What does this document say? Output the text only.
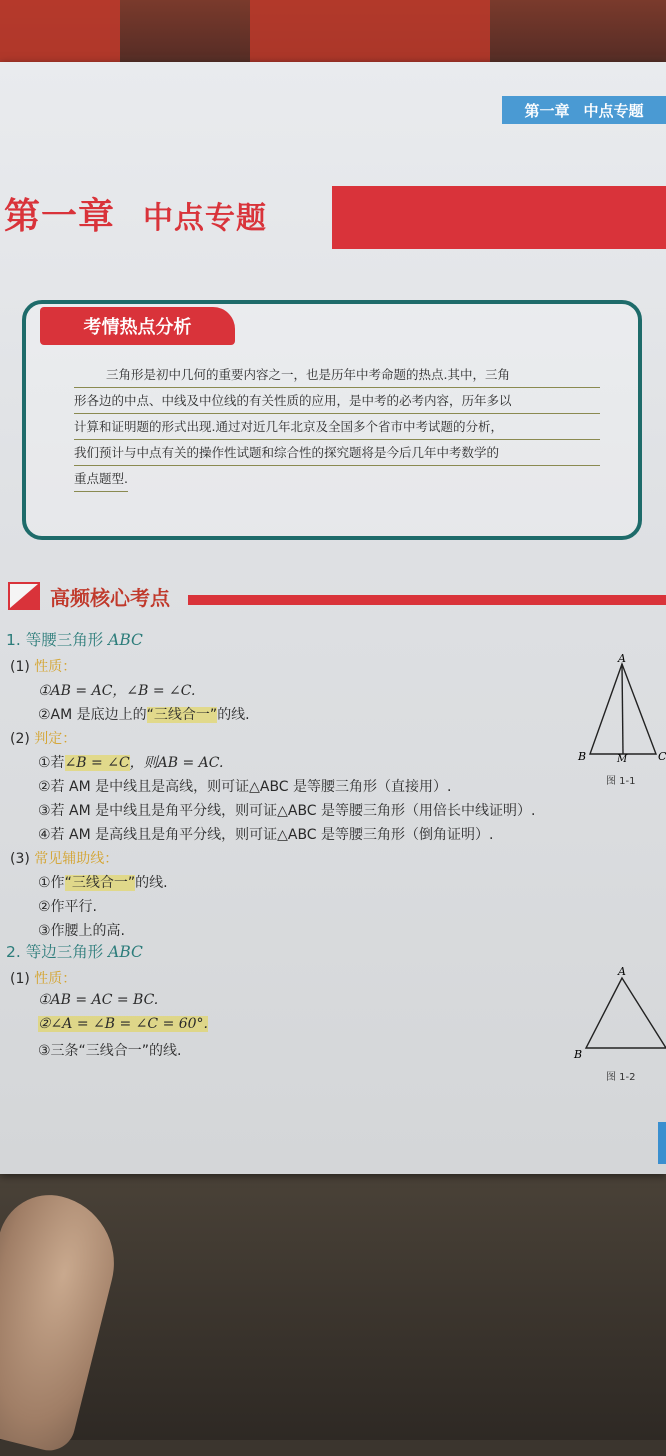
第一章 中点专题
第一章 中点专题
考情热点分析
三角形是初中几何的重要内容之一，也是历年中考命题的热点.其中，三角
形各边的中点、中线及中位线的有关性质的应用，是中考的必考内容，历年多以
计算和证明题的形式出现.通过对近几年北京及全国多个省市中考试题的分析，
我们预计与中点有关的操作性试题和综合性的探究题将是今后几年中考数学的
重点题型.
高频核心考点
1. 等腰三角形 ABC
(1) 性质：
①AB = AC，∠B = ∠C.
②AM 是底边上的“三线合一”的线.
(2) 判定：
①若∠B = ∠C，则AB = AC.
②若 AM 是中线且是高线，则可证△ABC 是等腰三角形（直接用）.
③若 AM 是中线且是角平分线，则可证△ABC 是等腰三角形（用倍长中线证明）.
④若 AM 是高线且是角平分线，则可证△ABC 是等腰三角形（倒角证明）.
(3) 常见辅助线：
①作“三线合一”的线.
②作平行.
③作腰上的高.
2. 等边三角形 ABC
(1) 性质：
①AB = AC = BC.
②∠A = ∠B = ∠C = 60°.
③三条“三线合一”的线.
A
B	C
M
图 1-1
A
B
图 1-2
